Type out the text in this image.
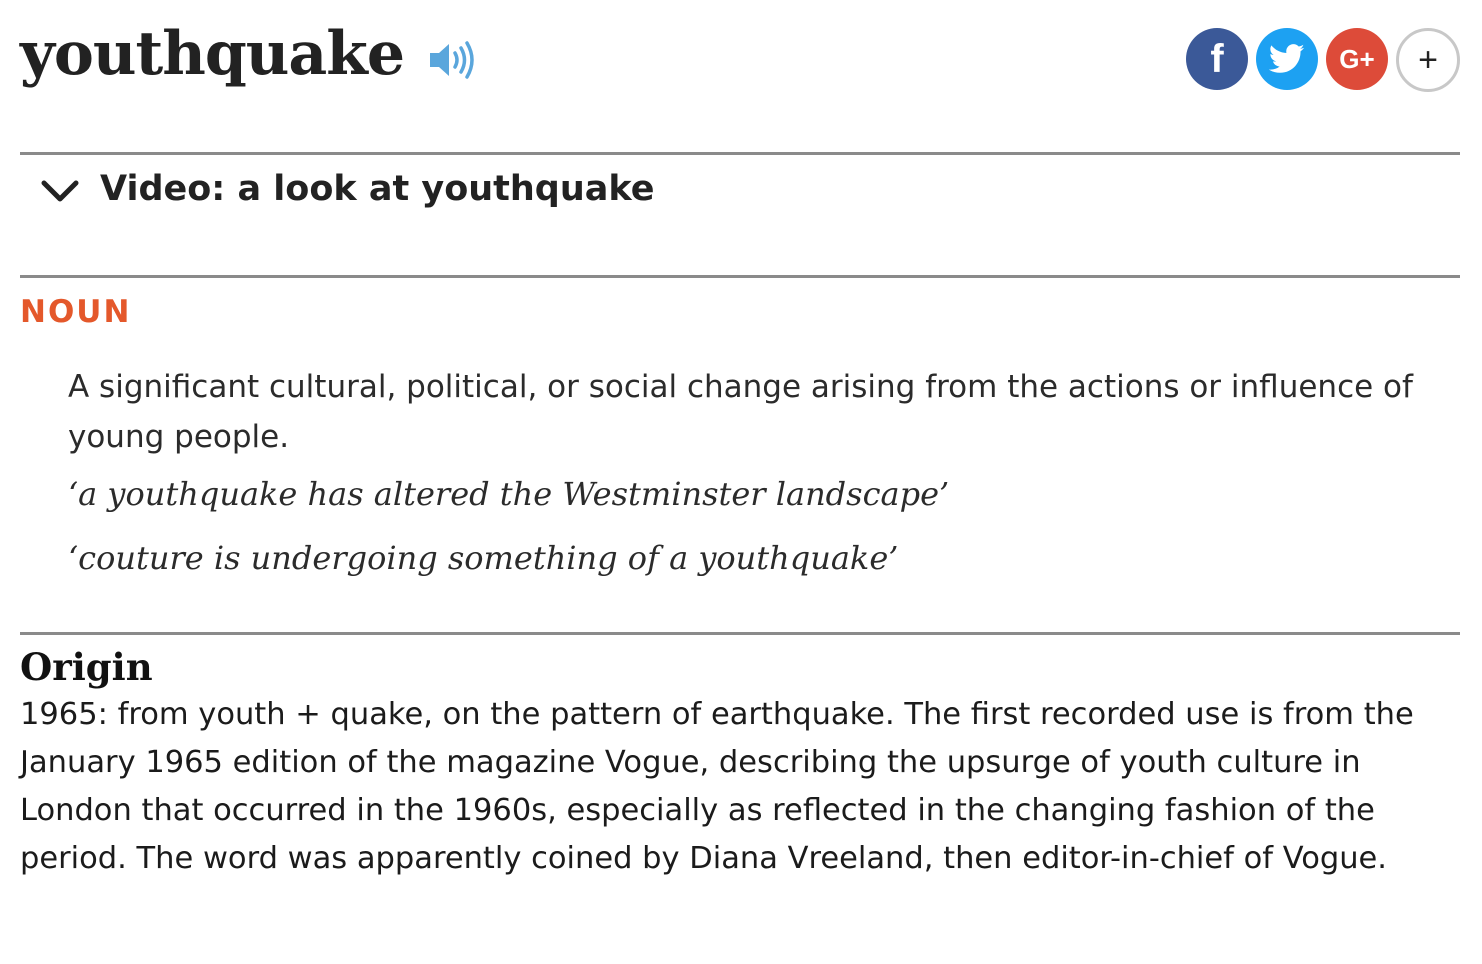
youthquake	f	G+ +
Video: a look at youthquake
NOUN
A significant cultural, political, or social change arising from the actions or influence of young people.
‘a youthquake has altered the Westminster landscape’
‘couture is undergoing something of a youthquake’
Origin
1965: from youth + quake, on the pattern of earthquake. The first recorded use is from the January 1965 edition of the magazine Vogue, describing the upsurge of youth culture in London that occurred in the 1960s, especially as reflected in the changing fashion of the period. The word was apparently coined by Diana Vreeland, then editor-in-chief of Vogue.
